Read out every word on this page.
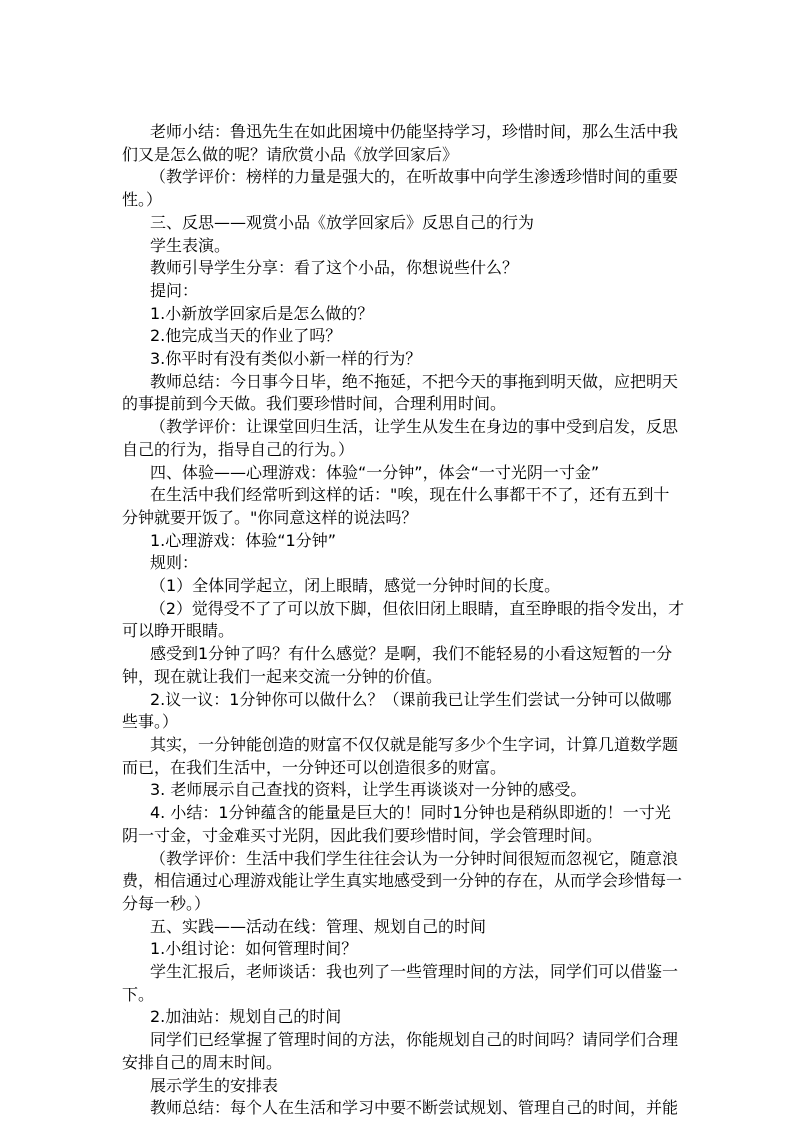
老师小结：鲁迅先生在如此困境中仍能坚持学习，珍惜时间，那么生活中我

们又是怎么做的呢？请欣赏小品《放学回家后》

（教学评价：榜样的力量是强大的，在听故事中向学生渗透珍惜时间的重要

性。）

三、反思——观赏小品《放学回家后》反思自己的行为

学生表演。

教师引导学生分享：看了这个小品，你想说些什么？

提问：

1.小新放学回家后是怎么做的？

2.他完成当天的作业了吗？

3.你平时有没有类似小新一样的行为？

教师总结：今日事今日毕，绝不拖延，不把今天的事拖到明天做，应把明天

的事提前到今天做。我们要珍惜时间，合理利用时间。

（教学评价：让课堂回归生活，让学生从发生在身边的事中受到启发，反思

自己的行为，指导自己的行为。）

四、体验——心理游戏：体验“一分钟”，体会“一寸光阴一寸金”

在生活中我们经常听到这样的话："唉，现在什么事都干不了，还有五到十

分钟就要开饭了。"你同意这样的说法吗？

1.心理游戏：体验“1分钟”

规则：

（1）全体同学起立，闭上眼睛，感觉一分钟时间的长度。

（2）觉得受不了了可以放下脚，但依旧闭上眼睛，直至睁眼的指令发出，才

可以睁开眼睛。

感受到1分钟了吗？有什么感觉？是啊，我们不能轻易的小看这短暂的一分

钟，现在就让我们一起来交流一分钟的价值。

2.议一议：1分钟你可以做什么？（课前我已让学生们尝试一分钟可以做哪

些事。）

其实，一分钟能创造的财富不仅仅就是能写多少个生字词，计算几道数学题

而已，在我们生活中，一分钟还可以创造很多的财富。

3. 老师展示自己查找的资料，让学生再谈谈对一分钟的感受。

4. 小结：1分钟蕴含的能量是巨大的！同时1分钟也是稍纵即逝的！一寸光

阴一寸金，寸金难买寸光阴，因此我们要珍惜时间，学会管理时间。

（教学评价：生活中我们学生往往会认为一分钟时间很短而忽视它，随意浪

费，相信通过心理游戏能让学生真实地感受到一分钟的存在，从而学会珍惜每一

分每一秒。）

五、实践——活动在线：管理、规划自己的时间

1.小组讨论：如何管理时间？

学生汇报后，老师谈话：我也列了一些管理时间的方法，同学们可以借鉴一

下。

2.加油站：规划自己的时间

同学们已经掌握了管理时间的方法，你能规划自己的时间吗？请同学们合理

安排自己的周末时间。

展示学生的安排表

教师总结：每个人在生活和学习中要不断尝试规划、管理自己的时间，并能
